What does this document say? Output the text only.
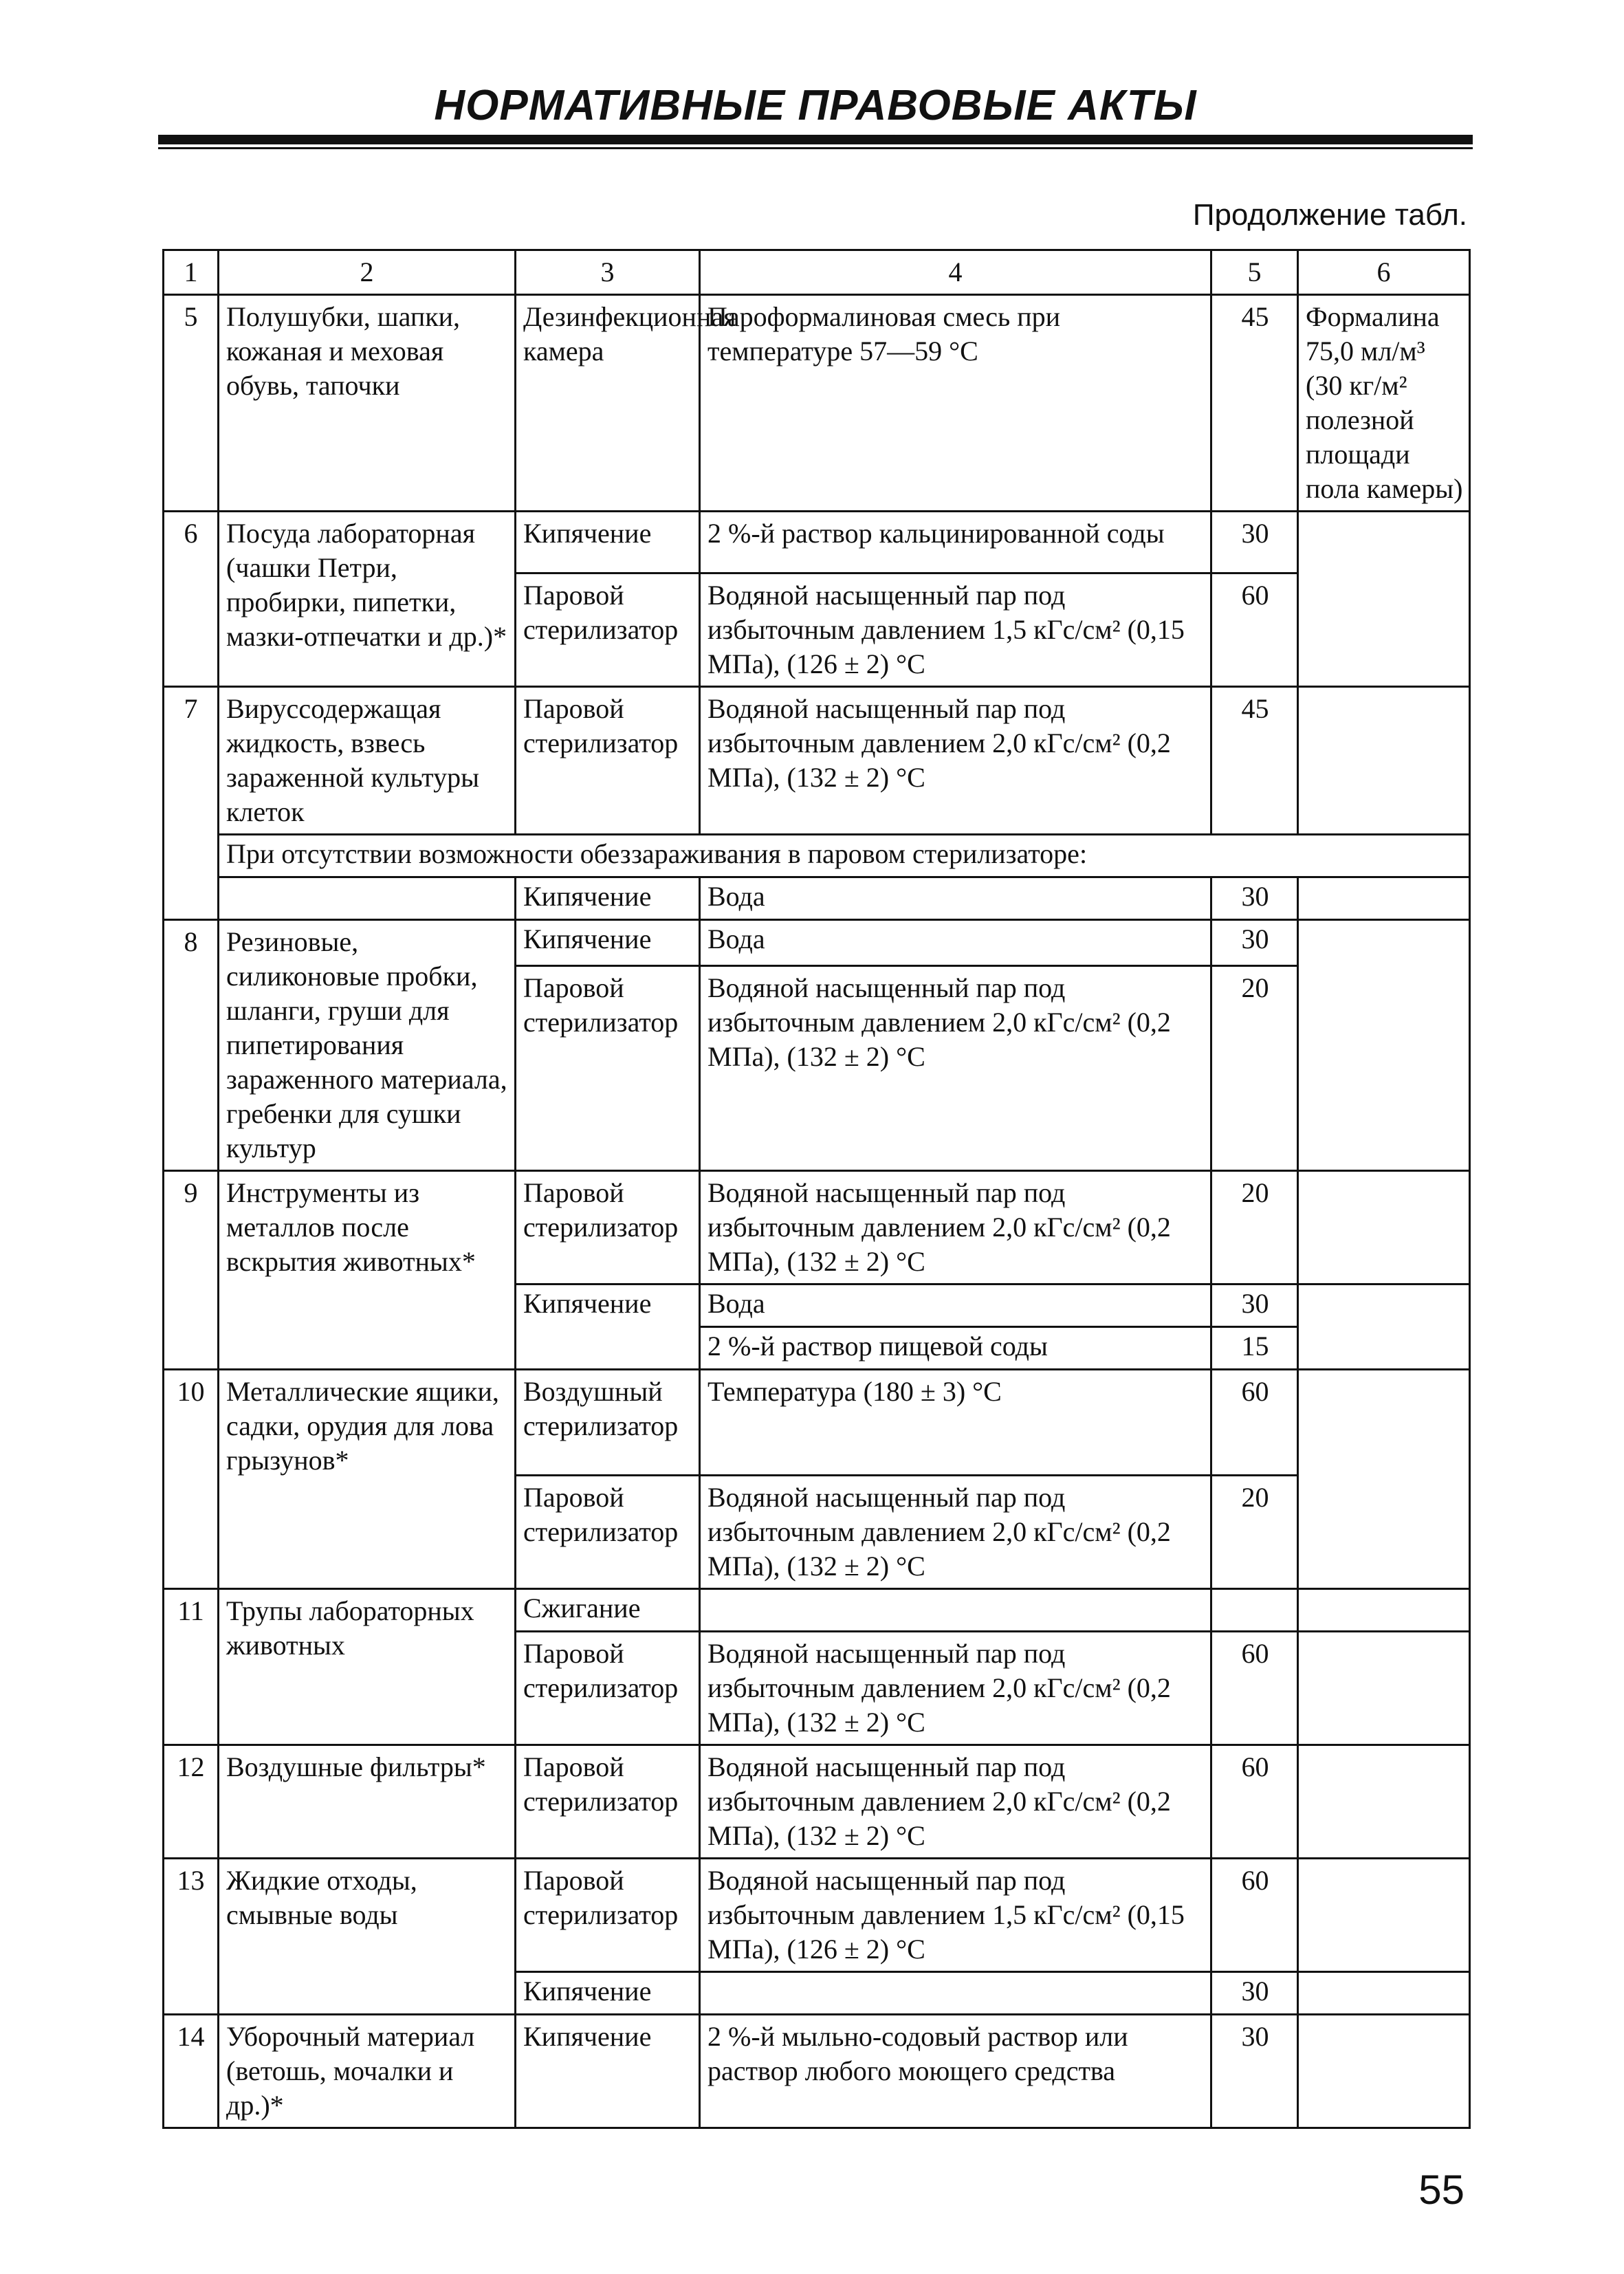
НОРМАТИВНЫЕ ПРАВОВЫЕ АКТЫ
Продолжение табл.
1	2	3	4	5	6
5	Полушубки, шапки, кожаная и меховая обувь, тапочки	Дезинфекционная камера	Пароформалиновая смесь при температуре 57—59 °С	45	Формалина 75,0 мл/м³ (30 кг/м² полезной площади пола камеры)
6	Посуда лабораторная (чашки Петри, пробирки, пипетки, мазки-отпечатки и др.)*	Кипячение	2 %-й раствор кальцинированной соды	30	
		Паровой стерилизатор	Водяной насыщенный пар под избыточным давлением 1,5 кГс/см² (0,15 МПа), (126 ± 2) °С	60	
7	Вируссодержащая жидкость, взвесь зараженной культуры клеток	Паровой стерилизатор	Водяной насыщенный пар под избыточным давлением 2,0 кГс/см² (0,2 МПа), (132 ± 2) °С	45	
	При отсутствии возможности обеззараживания в паровом стерилизаторе:				
		Кипячение	Вода	30	
8	Резиновые, силиконовые пробки, шланги, груши для пипетирования зараженного материала, гребенки для сушки культур	Кипячение	Вода	30	
		Паровой стерилизатор	Водяной насыщенный пар под избыточным давлением 2,0 кГс/см² (0,2 МПа), (132 ± 2) °С	20	
9	Инструменты из металлов после вскрытия животных*	Паровой стерилизатор	Водяной насыщенный пар под избыточным давлением 2,0 кГс/см² (0,2 МПа), (132 ± 2) °С	20	
		Кипячение	Вода	30	
			2 %-й раствор пищевой соды	15	
10	Металлические ящики, садки, орудия для лова грызунов*	Воздушный стерилизатор	Температура (180 ± 3) °С	60	
		Паровой стерилизатор	Водяной насыщенный пар под избыточным давлением 2,0 кГс/см² (0,2 МПа), (132 ± 2) °С	20	
11	Трупы лабораторных животных	Сжигание			
		Паровой стерилизатор	Водяной насыщенный пар под избыточным давлением 2,0 кГс/см² (0,2 МПа), (132 ± 2) °С	60	
12	Воздушные фильтры*	Паровой стерилизатор	Водяной насыщенный пар под избыточным давлением 2,0 кГс/см² (0,2 МПа), (132 ± 2) °С	60	
13	Жидкие отходы, смывные воды	Паровой стерилизатор	Водяной насыщенный пар под избыточным давлением 1,5 кГс/см² (0,15 МПа), (126 ± 2) °С	60	
		Кипячение		30	
14	Уборочный материал (ветошь, мочалки и др.)*	Кипячение	2 %-й мыльно-содовый раствор или раствор любого моющего средства	30	
55
